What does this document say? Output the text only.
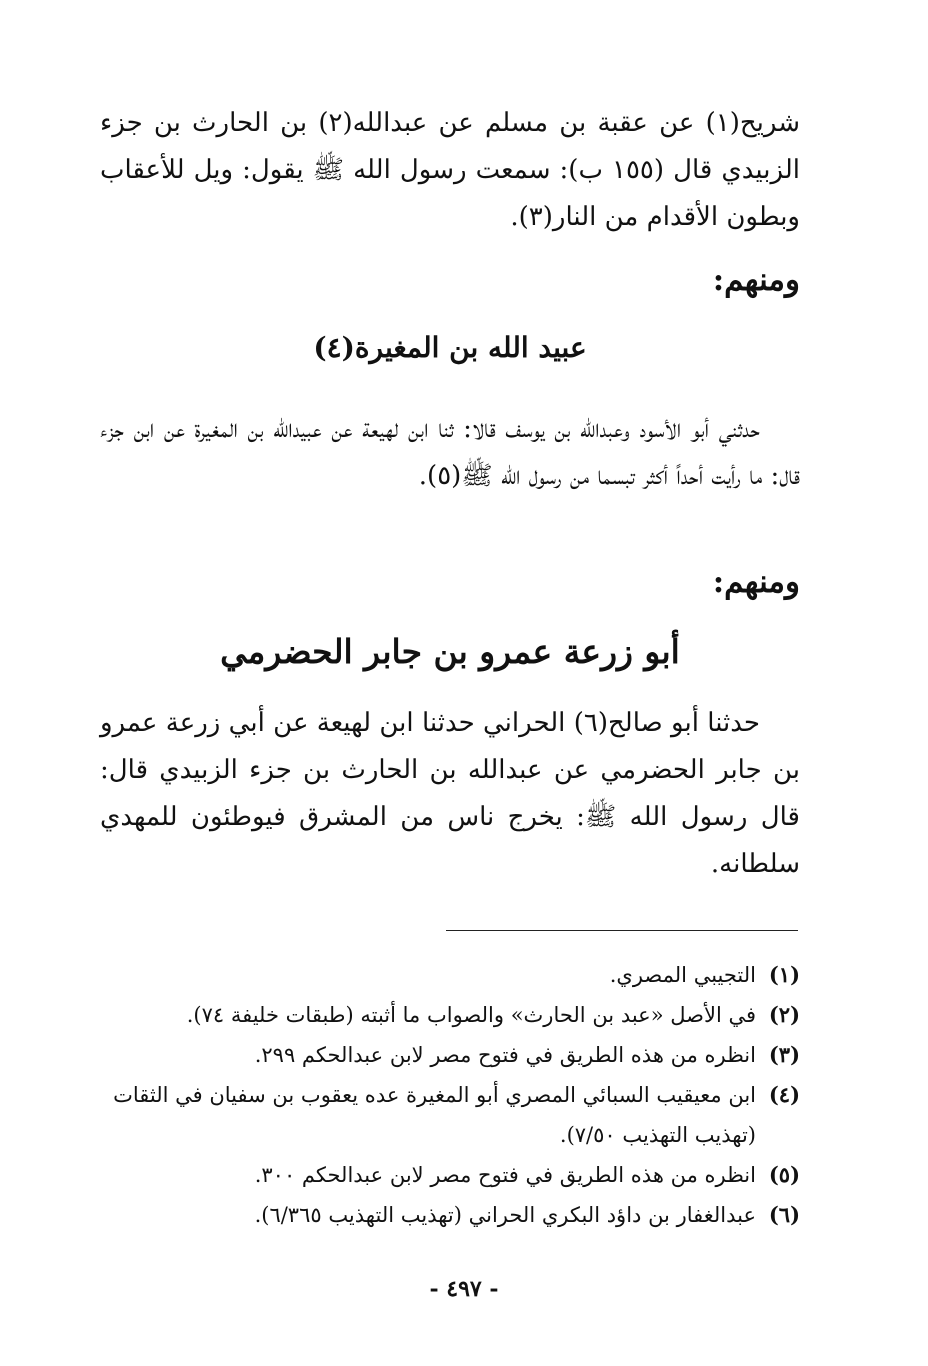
شريح(١) عن عقبة بن مسلم عن عبدالله(٢) بن الحارث بن جزء الزبيدي قال (١٥٥ ب): سمعت رسول الله ﷺ يقول: ويل للأعقاب وبطون الأقدام من النار(٣).

ومنهم:
عبيد الله بن المغيرة(٤)

حدثني أبو الأسود وعبدالله بن يوسف قالا: ثنا ابن لهيعة عن عبيدالله بن المغيرة عن ابن جزء قال: ما رأيت أحداً أكثر تبسما من رسول الله ﷺ(٥).

ومنهم:
أبو زرعة عمرو بن جابر الحضرمي

حدثنا أبو صالح(٦) الحراني حدثنا ابن لهيعة عن أبي زرعة عمرو بن جابر الحضرمي عن عبدالله بن الحارث بن جزء الزبيدي قال: قال رسول الله ﷺ: يخرج ناس من المشرق فيوطئون للمهدي سلطانه.

(١)
التجيبي المصري.
(٢)
في الأصل «عبد بن الحارث» والصواب ما أثبته (طبقات خليفة ٧٤).
(٣)
انظره من هذه الطريق في فتوح مصر لابن عبدالحكم ٢٩٩.
(٤)
ابن معيقيب السبائي المصري أبو المغيرة عده يعقوب بن سفيان في الثقات (تهذيب التهذيب ٧/٥٠).
(٥)
انظره من هذه الطريق في فتوح مصر لابن عبدالحكم ٣٠٠.
(٦)
عبدالغفار بن داؤد البكري الحراني (تهذيب التهذيب ٦/٣٦٥).
- ٤٩٧ -
